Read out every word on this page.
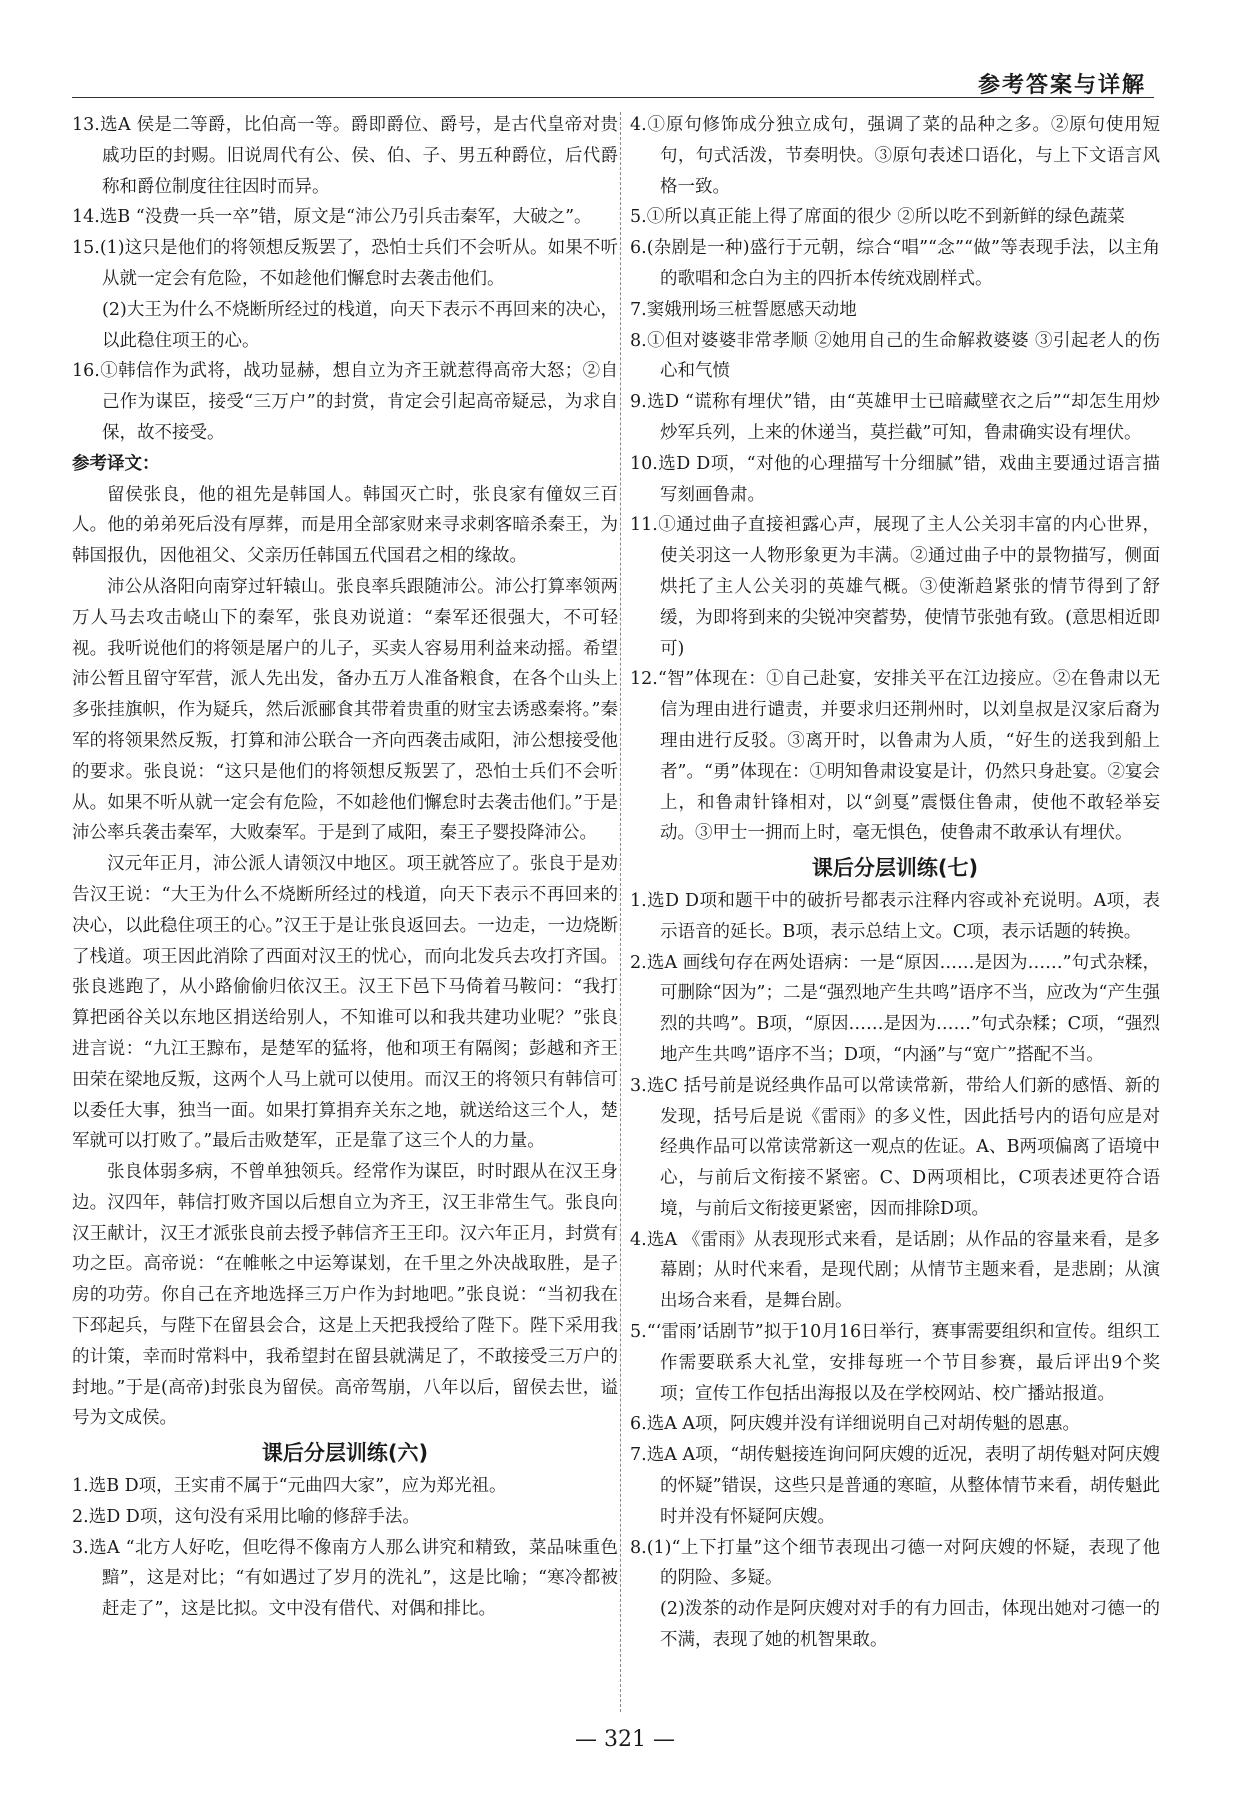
参考答案与详解

13.选A 侯是二等爵，比伯高一等。爵即爵位、爵号，是古代皇帝对贵戚功臣的封赐。旧说周代有公、侯、伯、子、男五种爵位，后代爵称和爵位制度往往因时而异。

14.选B “没费一兵一卒”错，原文是“沛公乃引兵击秦军，大破之”。

15.(1)这只是他们的将领想反叛罢了，恐怕士兵们不会听从。如果不听从就一定会有危险，不如趁他们懈怠时去袭击他们。

(2)大王为什么不烧断所经过的栈道，向天下表示不再回来的决心，以此稳住项王的心。

16.①韩信作为武将，战功显赫，想自立为齐王就惹得高帝大怒；②自己作为谋臣，接受“三万户”的封赏，肯定会引起高帝疑忌，为求自保，故不接受。

参考译文：

留侯张良，他的祖先是韩国人。韩国灭亡时，张良家有僮奴三百人。他的弟弟死后没有厚葬，而是用全部家财来寻求刺客暗杀秦王，为韩国报仇，因他祖父、父亲历任韩国五代国君之相的缘故。

沛公从洛阳向南穿过轩辕山。张良率兵跟随沛公。沛公打算率领两万人马去攻击峣山下的秦军，张良劝说道：“秦军还很强大，不可轻视。我听说他们的将领是屠户的儿子，买卖人容易用利益来动摇。希望沛公暂且留守军营，派人先出发，备办五万人准备粮食，在各个山头上多张挂旗帜，作为疑兵，然后派郦食其带着贵重的财宝去诱惑秦将。”秦军的将领果然反叛，打算和沛公联合一齐向西袭击咸阳，沛公想接受他的要求。张良说：“这只是他们的将领想反叛罢了，恐怕士兵们不会听从。如果不听从就一定会有危险，不如趁他们懈怠时去袭击他们。”于是沛公率兵袭击秦军，大败秦军。于是到了咸阳，秦王子婴投降沛公。

汉元年正月，沛公派人请领汉中地区。项王就答应了。张良于是劝告汉王说：“大王为什么不烧断所经过的栈道，向天下表示不再回来的决心，以此稳住项王的心。”汉王于是让张良返回去。一边走，一边烧断了栈道。项王因此消除了西面对汉王的忧心，而向北发兵去攻打齐国。张良逃跑了，从小路偷偷归依汉王。汉王下邑下马倚着马鞍问：“我打算把函谷关以东地区捐送给别人，不知谁可以和我共建功业呢？”张良进言说：“九江王黥布，是楚军的猛将，他和项王有隔阂；彭越和齐王田荣在梁地反叛，这两个人马上就可以使用。而汉王的将领只有韩信可以委任大事，独当一面。如果打算捐弃关东之地，就送给这三个人，楚军就可以打败了。”最后击败楚军，正是靠了这三个人的力量。

张良体弱多病，不曾单独领兵。经常作为谋臣，时时跟从在汉王身边。汉四年，韩信打败齐国以后想自立为齐王，汉王非常生气。张良向汉王献计，汉王才派张良前去授予韩信齐王王印。汉六年正月，封赏有功之臣。高帝说：“在帷帐之中运筹谋划，在千里之外决战取胜，是子房的功劳。你自己在齐地选择三万户作为封地吧。”张良说：“当初我在下邳起兵，与陛下在留县会合，这是上天把我授给了陛下。陛下采用我的计策，幸而时常料中，我希望封在留县就满足了，不敢接受三万户的封地。”于是(高帝)封张良为留侯。高帝驾崩，八年以后，留侯去世，谥号为文成侯。

课后分层训练(六)

1.选B D项，王实甫不属于“元曲四大家”，应为郑光祖。

2.选D D项，这句没有采用比喻的修辞手法。

3.选A “北方人好吃，但吃得不像南方人那么讲究和精致，菜品味重色黯”，这是对比；“有如遇过了岁月的洗礼”，这是比喻；“寒冷都被赶走了”，这是比拟。文中没有借代、对偶和排比。

4.①原句修饰成分独立成句，强调了菜的品种之多。②原句使用短句，句式活泼，节奏明快。③原句表述口语化，与上下文语言风格一致。

5.①所以真正能上得了席面的很少 ②所以吃不到新鲜的绿色蔬菜

6.(杂剧是一种)盛行于元朝，综合“唱”“念”“做”等表现手法，以主角的歌唱和念白为主的四折本传统戏剧样式。

7.窦娥刑场三桩誓愿感天动地

8.①但对婆婆非常孝顺 ②她用自己的生命解救婆婆 ③引起老人的伤心和气愤

9.选D “谎称有埋伏”错，由“英雄甲士已暗藏壁衣之后”“却怎生用炒炒军兵列，上来的休递当，莫拦截”可知，鲁肃确实设有埋伏。

10.选D D项，“对他的心理描写十分细腻”错，戏曲主要通过语言描写刻画鲁肃。

11.①通过曲子直接袒露心声，展现了主人公关羽丰富的内心世界，使关羽这一人物形象更为丰满。②通过曲子中的景物描写，侧面烘托了主人公关羽的英雄气概。③使渐趋紧张的情节得到了舒缓，为即将到来的尖锐冲突蓄势，使情节张弛有致。(意思相近即可)

12.“智”体现在：①自己赴宴，安排关平在江边接应。②在鲁肃以无信为理由进行谴责，并要求归还荆州时，以刘皇叔是汉家后裔为理由进行反驳。③离开时，以鲁肃为人质，“好生的送我到船上者”。“勇”体现在：①明知鲁肃设宴是计，仍然只身赴宴。②宴会上，和鲁肃针锋相对，以“剑戛”震慑住鲁肃，使他不敢轻举妄动。③甲士一拥而上时，毫无惧色，使鲁肃不敢承认有埋伏。

课后分层训练(七)

1.选D D项和题干中的破折号都表示注释内容或补充说明。A项，表示语音的延长。B项，表示总结上文。C项，表示话题的转换。

2.选A 画线句存在两处语病：一是“原因……是因为……”句式杂糅，可删除“因为”；二是“强烈地产生共鸣”语序不当，应改为“产生强烈的共鸣”。B项，“原因……是因为……”句式杂糅；C项，“强烈地产生共鸣”语序不当；D项，“内涵”与“宽广”搭配不当。

3.选C 括号前是说经典作品可以常读常新，带给人们新的感悟、新的发现，括号后是说《雷雨》的多义性，因此括号内的语句应是对经典作品可以常读常新这一观点的佐证。A、B两项偏离了语境中心，与前后文衔接不紧密。C、D两项相比，C项表述更符合语境，与前后文衔接更紧密，因而排除D项。

4.选A 《雷雨》从表现形式来看，是话剧；从作品的容量来看，是多幕剧；从时代来看，是现代剧；从情节主题来看，是悲剧；从演出场合来看，是舞台剧。

5.“‘雷雨’话剧节”拟于10月16日举行，赛事需要组织和宣传。组织工作需要联系大礼堂，安排每班一个节目参赛，最后评出9个奖项；宣传工作包括出海报以及在学校网站、校广播站报道。

6.选A A项，阿庆嫂并没有详细说明自己对胡传魁的恩惠。

7.选A A项，“胡传魁接连询问阿庆嫂的近况，表明了胡传魁对阿庆嫂的怀疑”错误，这些只是普通的寒暄，从整体情节来看，胡传魁此时并没有怀疑阿庆嫂。

8.(1)“上下打量”这个细节表现出刁德一对阿庆嫂的怀疑，表现了他的阴险、多疑。

(2)泼茶的动作是阿庆嫂对对手的有力回击，体现出她对刁德一的不满，表现了她的机智果敢。

— 321 —
